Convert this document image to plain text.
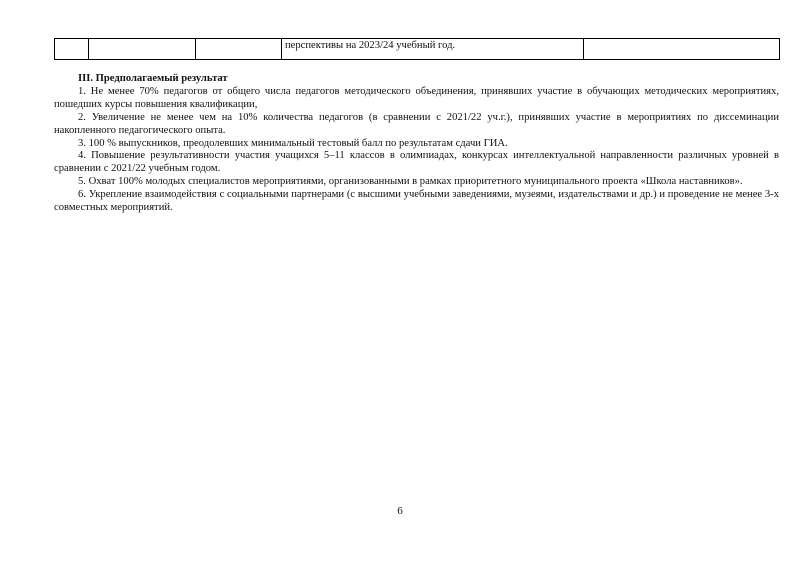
			перспективы на 2023/24 учебный год.	

III. Предполагаемый результат

1. Не менее 70% педагогов от общего числа педагогов методического объединения, принявших участие в обучающих методических мероприятиях, пошедших курсы повышения квалификации,

2. Увеличение не менее чем на 10% количества педагогов (в сравнении с 2021/22 уч.г.), принявших участие в мероприятиях по диссеминации накопленного педагогического опыта.

3. 100 % выпускников, преодолевших минимальный тестовый балл по результатам сдачи ГИА.

4. Повышение результативности участия учащихся 5–11 классов в олимпиадах, конкурсах интеллектуальной направленности различных уровней в сравнении с 2021/22 учебным годом.

5. Охват 100% молодых специалистов мероприятиями, организованными в рамках приоритетного муниципального проекта «Школа наставников».

6. Укрепление взаимодействия с социальными партнерами (с высшими учебными заведениями, музеями, издательствами и др.) и проведение не менее 3-х совместных мероприятий.

6
